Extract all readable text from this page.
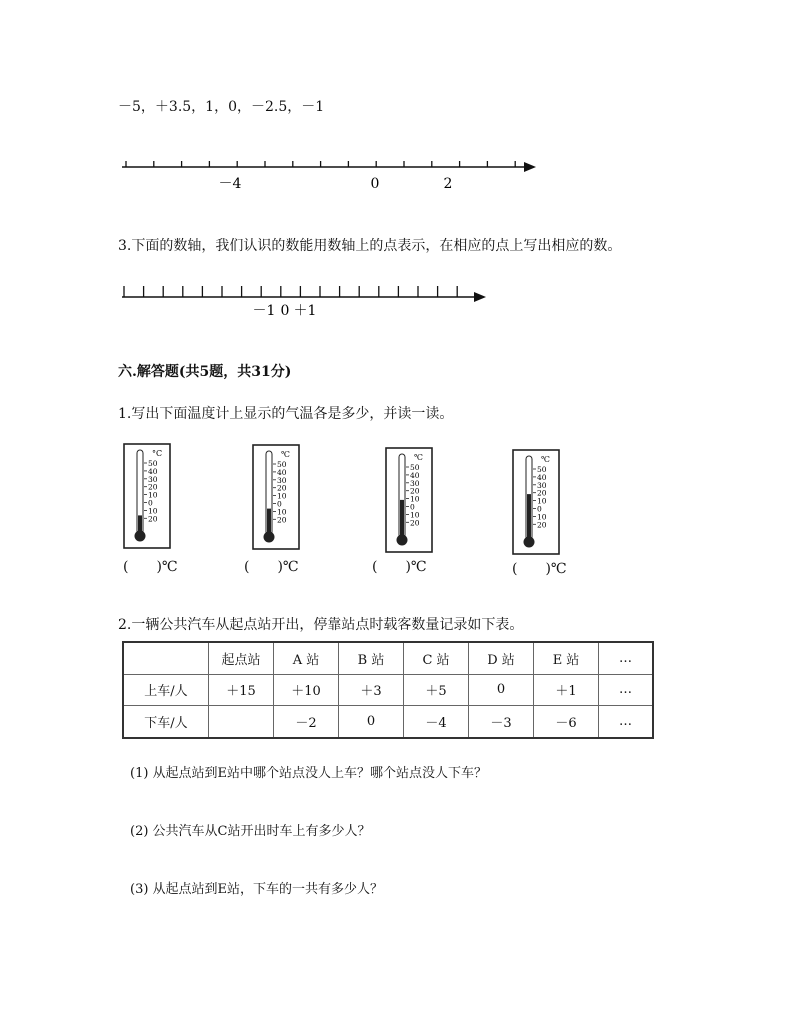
－5，＋3.5，1，0，－2.5，－1
－4	0	2
3.下面的数轴，我们认识的数能用数轴上的点表示，在相应的点上写出相应的数。
－1 0 ＋1
六.解答题(共5题，共31分)
1.写出下面温度计上显示的气温各是多少，并读一读。
°C
50
40
30
20
10
0
10
20
℃
50
40
30
20
10
0
10
20
℃
50
40
30
20
10
0
10
20
℃
50
40
30
20
10
0
10
20
(　　)℃	(　　)℃	(　　)℃	(　　)℃
2.一辆公共汽车从起点站开出，停靠站点时载客数量记录如下表。
	起点站	A 站	B 站	C 站	D 站	E 站	…
上车/人	＋15	＋10	＋3	＋5	0	＋1	…
下车/人		－2	0	－4	－3	－6	…
(1) 从起点站到E站中哪个站点没人上车？哪个站点没人下车？
(2) 公共汽车从C站开出时车上有多少人？
(3) 从起点站到E站，下车的一共有多少人？
